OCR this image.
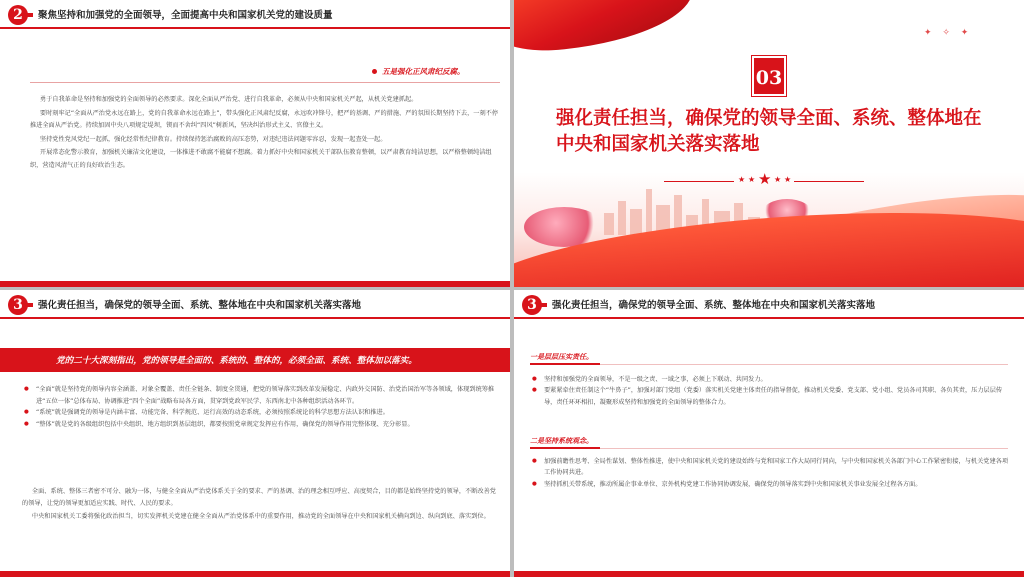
2	聚焦坚持和加强党的全面领导，全面提高中央和国家机关党的建设质量
五是强化正风肃纪反腐。

勇于自我革命是坚持和加强党的全面领导的必然要求。深化全面从严治党、进行自我革命，必须从中央和国家机关严起，从机关党建抓起。

要时刻牢记“全面从严治党永远在路上，党的自我革命永远在路上”，带头强化正风肃纪反腐，永远吹冲锋号，把严的基调、严的措施、严的氛围长期坚持下去，一刻不停推进全面从严治党。持续加固中央八项规定堤坝，锲而不舍纠“四风”树新风，坚决纠治形式主义、官僚主义。

坚持党性党风党纪一起抓，强化经常性纪律教育。持续保持惩治腐败的高压态势，对违纪违法问题零容忍，发现一起查处一起。

开展常态化警示教育，加强机关廉洁文化建设，一体推进不敢腐不能腐不想腐。着力抓好中央和国家机关干部队伍教育整顿，以严肃教育纯洁思想，以严格整顿纯洁组织，营造风清气正的良好政治生态。

✦ ✧ ✦
03
强化责任担当，确保党的领导全面、系统、整体地在中央和国家机关落实落地
★ ★ ★ ★ ★
3	强化责任担当，确保党的领导全面、系统、整体地在中央和国家机关落实落地
党的二十大深刻指出，党的领导是全面的、系统的、整体的，必须全面、系统、整体加以落实。
● “全面”就是坚持党的领导内容全涵盖、对象全覆盖、责任全链条、制度全贯通，把党的领导落实到改革发展稳定、内政外交国防、治党治国治军等各领域，体现到统筹推进“五位一体”总体布局、协调推进“四个全面”战略布局各方面，贯穿到党政军民学、东西南北中各种组织活动各环节。
● “系统”就是强调党的领导是内涵丰富、功能完备、科学规范、运行高效的动态系统，必须按照系统论的科学思想方法认识和推进。
● “整体”就是党的各级组织包括中央组织、地方组织到基层组织，都要按照党章规定发挥应有作用，确保党的领导作用完整体现、充分彰显。

全面、系统、整体三者密不可分、融为一体，与健全全面从严治党体系关于全的要求、严的基调、治的理念相互呼应、高度契合，目的都是始终坚持党的领导，不断改善党的领导，让党的领导更加适应实践、时代、人民的要求。

中央和国家机关工委将强化政治担当，切实发挥机关党建在健全全面从严治党体系中的重要作用，推动党的全面领导在中央和国家机关横向到边、纵向到底、落实到位。

3	强化责任担当，确保党的领导全面、系统、整体地在中央和国家机关落实落地
一是层层压实责任。
● 坚持和加强党的全面领导，不是一级之责、一域之事，必须上下联动、共同发力。
● 要紧紧牵住责任制这个“牛鼻子”，加强对部门党组（党委）落实机关党建主体责任的指导督促，推动机关党委、党支部、党小组、党员各司其职、各负其责，压力层层传导，责任环环相扣，凝聚形成坚持和加强党的全面领导的整体合力。
二是坚持系统观念。
● 加强前瞻性思考、全局性谋划、整体性推进，使中央和国家机关党的建设始终与党和国家工作大局同行同向，与中央和国家机关各部门中心工作紧密衔接，与机关党建各项工作协同共进。
● 坚持抓机关带系统，推动所属企事业单位、京外机构党建工作协同协调发展，确保党的领导落实到中央和国家机关事业发展全过程各方面。
